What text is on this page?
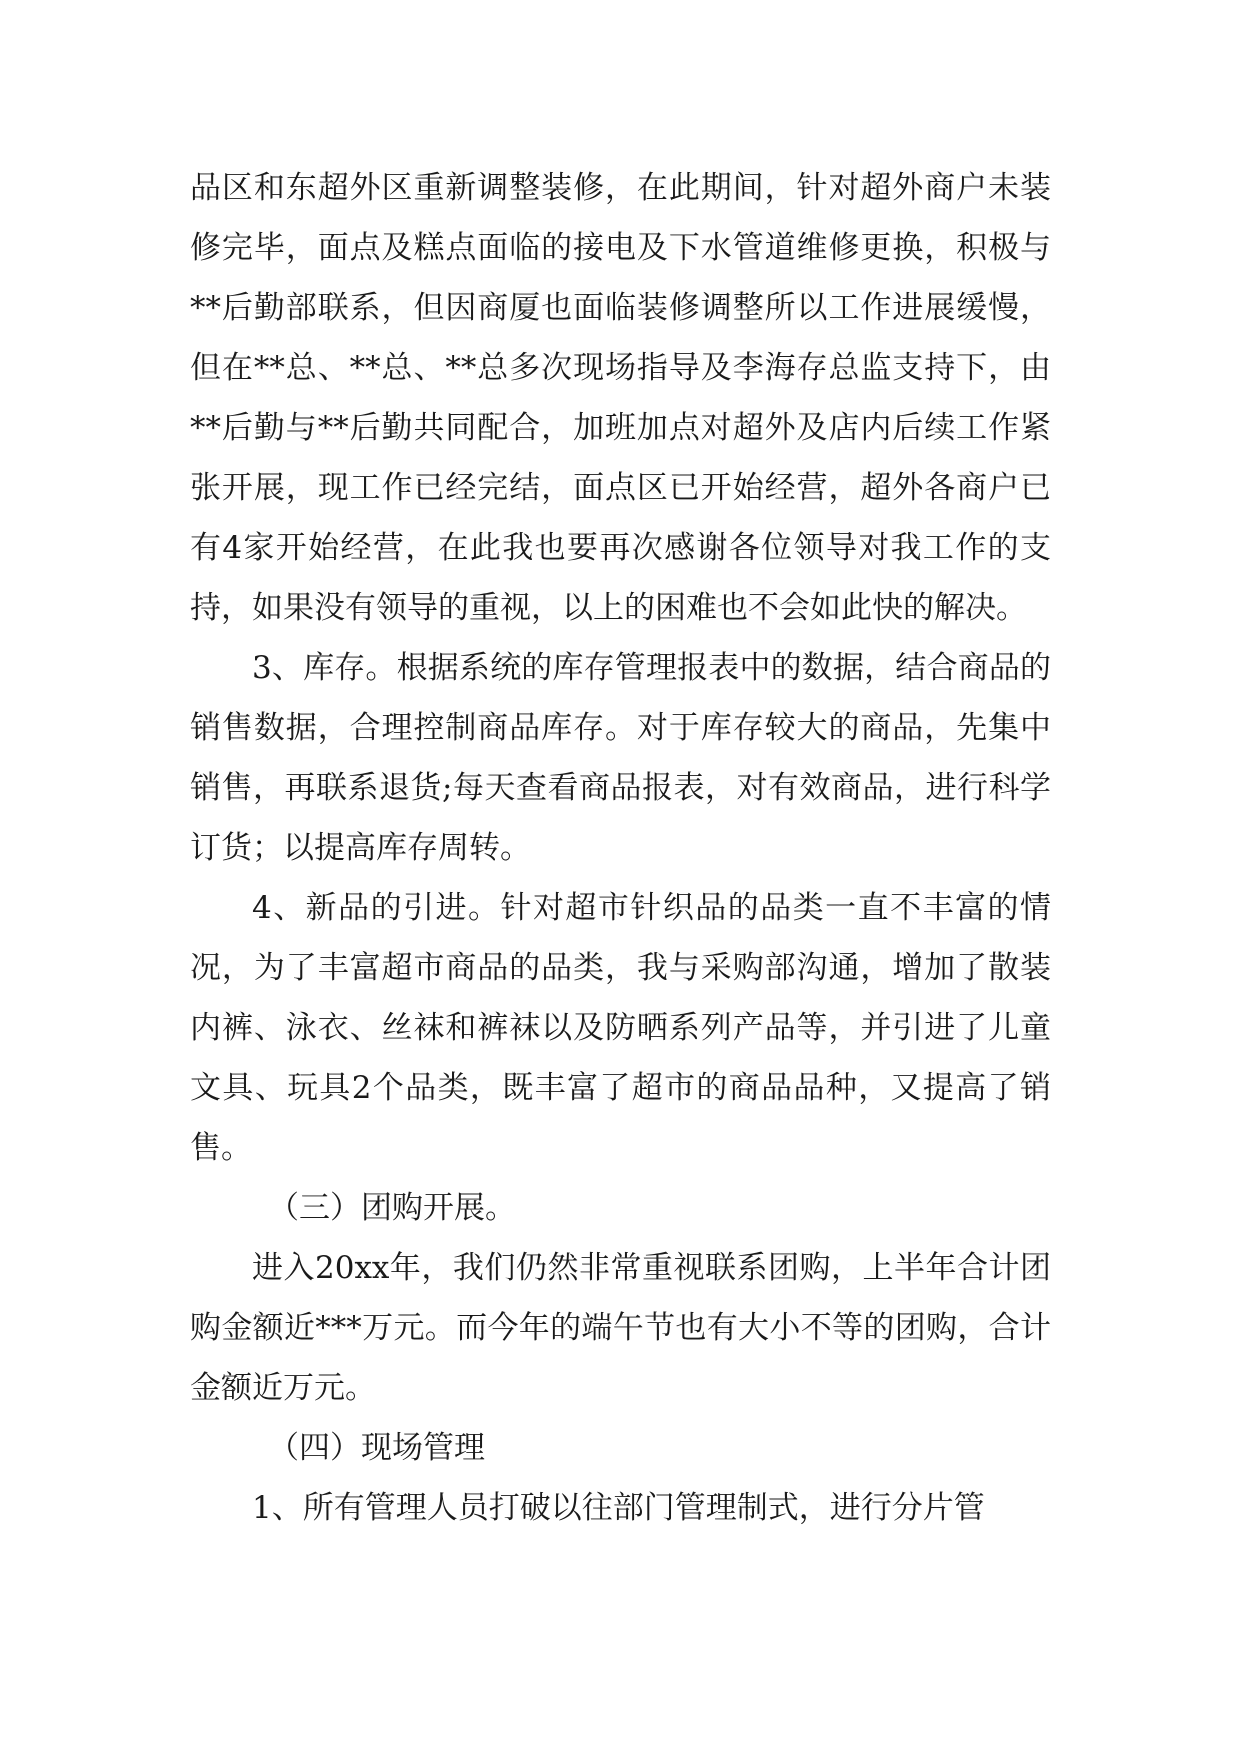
品区和东超外区重新调整装修，在此期间，针对超外商户未装修完毕，面点及糕点面临的接电及下水管道维修更换，积极与**后勤部联系，但因商厦也面临装修调整所以工作进展缓慢，但在**总、**总、**总多次现场指导及李海存总监支持下，由**后勤与**后勤共同配合，加班加点对超外及店内后续工作紧张开展，现工作已经完结，面点区已开始经营，超外各商户已有4家开始经营，在此我也要再次感谢各位领导对我工作的支持，如果没有领导的重视，以上的困难也不会如此快的解决。

3、库存。根据系统的库存管理报表中的数据，结合商品的销售数据，合理控制商品库存。对于库存较大的商品，先集中销售，再联系退货;每天查看商品报表，对有效商品，进行科学订货；以提高库存周转。

4、新品的引进。针对超市针织品的品类一直不丰富的情况，为了丰富超市商品的品类，我与采购部沟通，增加了散装内裤、泳衣、丝袜和裤袜以及防晒系列产品等，并引进了儿童文具、玩具2个品类，既丰富了超市的商品品种，又提高了销售。

（三）团购开展。

进入20xx年，我们仍然非常重视联系团购，上半年合计团购金额近***万元。而今年的端午节也有大小不等的团购，合计金额近万元。

（四）现场管理

1、所有管理人员打破以往部门管理制式，进行分片管
